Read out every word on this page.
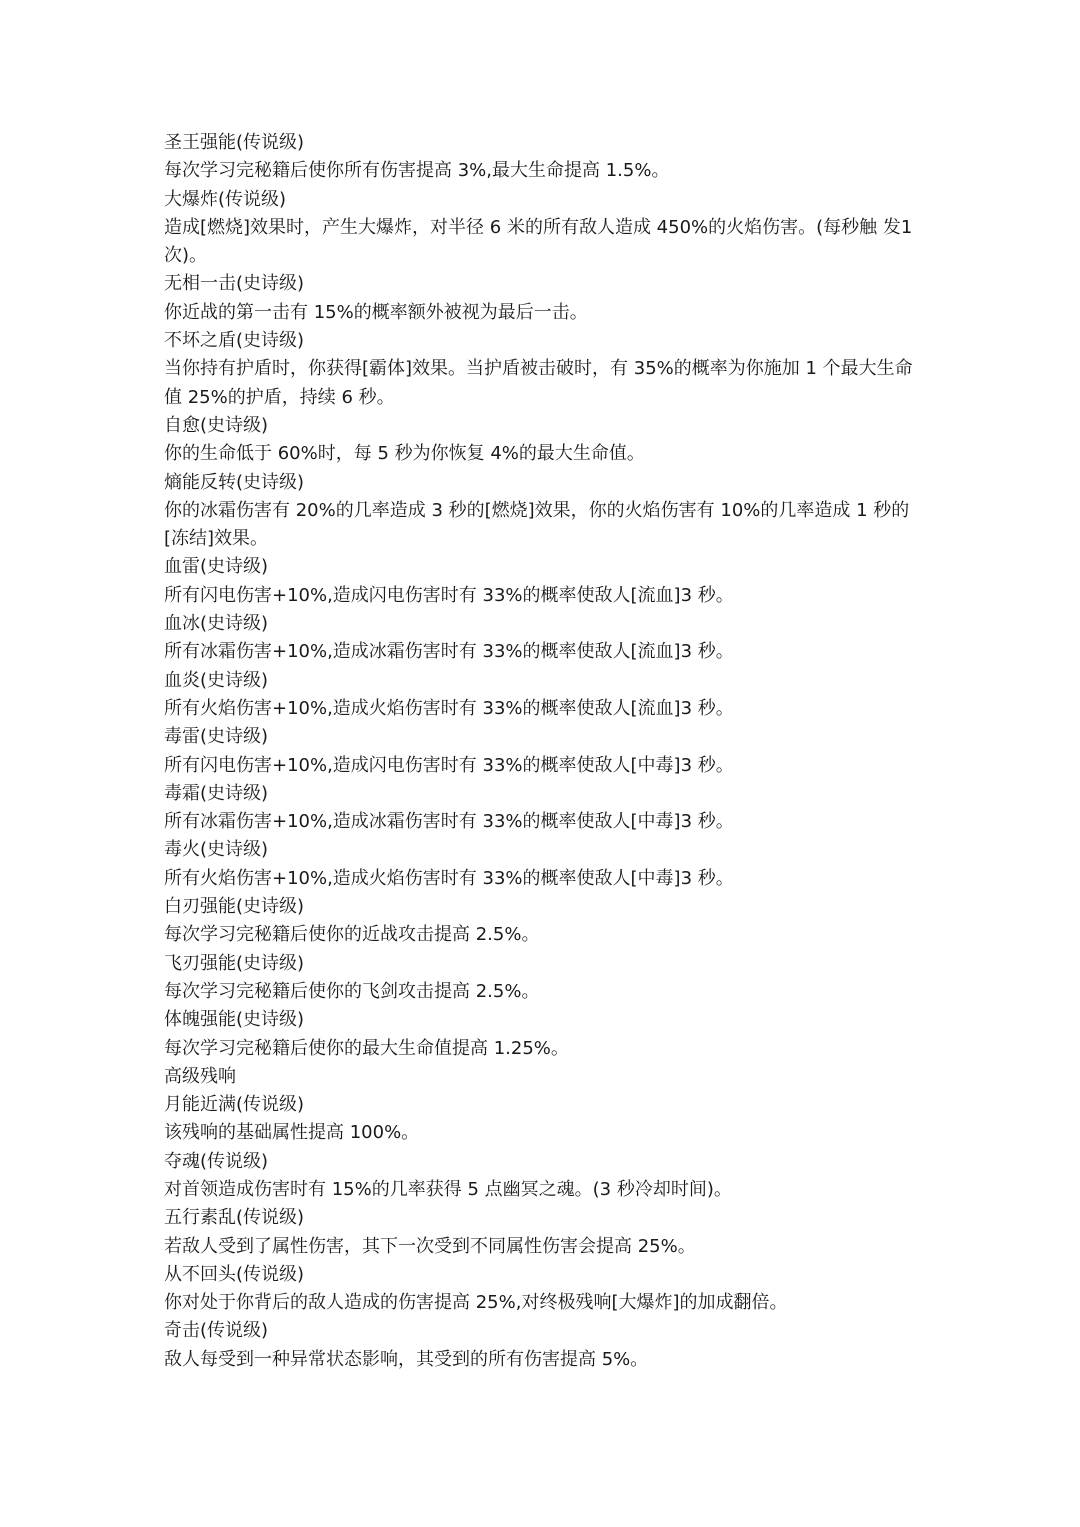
圣王强能(传说级)

每次学习完秘籍后使你所有伤害提高 3%,最大生命提高 1.5%。

大爆炸(传说级)

造成[燃烧]效果时，产生大爆炸，对半径 6 米的所有敌人造成 450%的火焰伤害。(每秒触 发1 次)。

无相一击(史诗级)

你近战的第一击有 15%的概率额外被视为最后一击。

不坏之盾(史诗级)

当你持有护盾时，你获得[霸体]效果。当护盾被击破时，有 35%的概率为你施加 1 个最大生命值 25%的护盾，持续 6 秒。

自愈(史诗级)

你的生命低于 60%时，每 5 秒为你恢复 4%的最大生命值。

熵能反转(史诗级)

你的冰霜伤害有 20%的几率造成 3 秒的[燃烧]效果，你的火焰伤害有 10%的几率造成 1 秒的[冻结]效果。

血雷(史诗级)

所有闪电伤害+10%,造成闪电伤害时有 33%的概率使敌人[流血]3 秒。

血冰(史诗级)

所有冰霜伤害+10%,造成冰霜伤害时有 33%的概率使敌人[流血]3 秒。

血炎(史诗级)

所有火焰伤害+10%,造成火焰伤害时有 33%的概率使敌人[流血]3 秒。

毒雷(史诗级)

所有闪电伤害+10%,造成闪电伤害时有 33%的概率使敌人[中毒]3 秒。

毒霜(史诗级)

所有冰霜伤害+10%,造成冰霜伤害时有 33%的概率使敌人[中毒]3 秒。

毒火(史诗级)

所有火焰伤害+10%,造成火焰伤害时有 33%的概率使敌人[中毒]3 秒。

白刃强能(史诗级)

每次学习完秘籍后使你的近战攻击提高 2.5%。

飞刃强能(史诗级)

每次学习完秘籍后使你的飞剑攻击提高 2.5%。

体魄强能(史诗级)

每次学习完秘籍后使你的最大生命值提高 1.25%。

高级残响

月能近满(传说级)

该残响的基础属性提高 100%。

夺魂(传说级)

对首领造成伤害时有 15%的几率获得 5 点幽冥之魂。(3 秒冷却时间)。

五行素乱(传说级)

若敌人受到了属性伤害，其下一次受到不同属性伤害会提高 25%。

从不回头(传说级)

你对处于你背后的敌人造成的伤害提高 25%,对终极残响[大爆炸]的加成翻倍。

奇击(传说级)

敌人每受到一种异常状态影响，其受到的所有伤害提高 5%。
